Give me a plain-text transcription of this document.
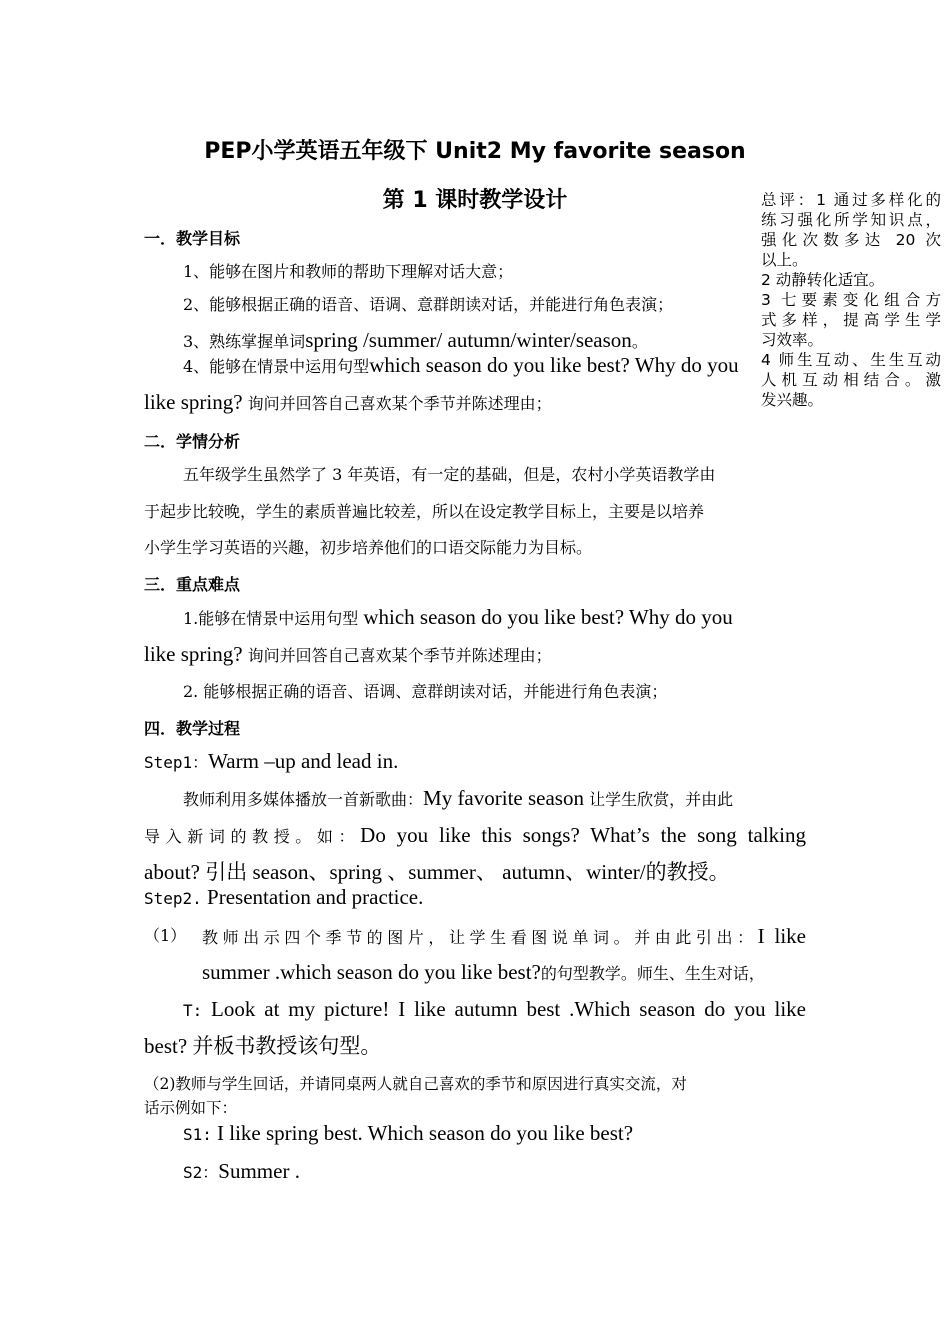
PEP小学英语五年级下 Unit2 My favorite season
第 1 课时教学设计
一．教学目标
1、能够在图片和教师的帮助下理解对话大意；
2、能够根据正确的语音、语调、意群朗读对话，并能进行角色表演；
3、熟练掌握单词spring /summer/ autumn/winter/season。
4、能够在情景中运用句型which season do you like best? Why do you
like spring? 询问并回答自己喜欢某个季节并陈述理由；
二．学情分析
五年级学生虽然学了 3 年英语，有一定的基础，但是，农村小学英语教学由
于起步比较晚，学生的素质普遍比较差，所以在设定教学目标上，主要是以培养
小学生学习英语的兴趣，初步培养他们的口语交际能力为目标。
三．重点难点
1.能够在情景中运用句型 which season do you like best? Why do you
like spring? 询问并回答自己喜欢某个季节并陈述理由；
2. 能够根据正确的语音、语调、意群朗读对话，并能进行角色表演；
四．教学过程
Step1：Warm –up and lead in.
教师利用多媒体播放一首新歌曲：My favorite season 让学生欣赏，并由此
导入新词的教授。如：Do you like this songs? What’s the song talking
about? 引出 season、spring 、summer、 autumn、winter/的教授。
Step2. Presentation and practice.
（1） 教师出示四个季节的图片，让学生看图说单词。并由此引出：I like
summer .which season do you like best?的句型教学。师生、生生对话，
T: Look at my picture! I like autumn best .Which season do you like
best? 并板书教授该句型。
（2)教师与学生回话，并请同桌两人就自己喜欢的季节和原因进行真实交流，对
话示例如下：
S1: I like spring best. Which season do you like best?
S2：Summer .
总评：1 通过多样化的
练习强化所学知识点，
强化次数多达 20 次
以上。
2 动静转化适宜。
3 七要素变化组合方
式多样，提高学生学
习效率。
4 师生互动、生生互动
人机互动相结合。激
发兴趣。
